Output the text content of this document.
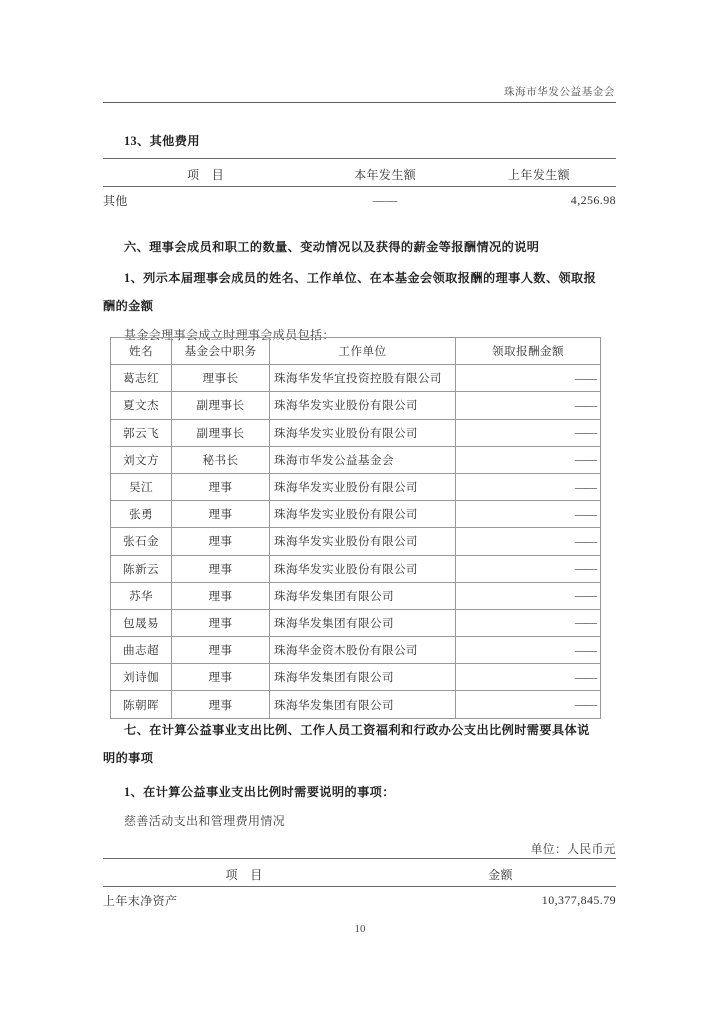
珠海市华发公益基金会
13、其他费用
项　目	本年发生额	上年发生额
其他	——	4,256.98
六、理事会成员和职工的数量、变动情况以及获得的薪金等报酬情况的说明
1、列示本届理事会成员的姓名、工作单位、在本基金会领取报酬的理事人数、领取报
酬的金额
基金会理事会成立时理事会成员包括：
姓名	基金会中职务	工作单位	领取报酬金额
葛志红	理事长	珠海华发华宜投资控股有限公司	——
夏文杰	副理事长	珠海华发实业股份有限公司	——
郭云飞	副理事长	珠海华发实业股份有限公司	——
刘文方	秘书长	珠海市华发公益基金会	——
吴江	理事	珠海华发实业股份有限公司	——
张勇	理事	珠海华发实业股份有限公司	——
张石金	理事	珠海华发实业股份有限公司	——
陈新云	理事	珠海华发实业股份有限公司	——
苏华	理事	珠海华发集团有限公司	——
包晟易	理事	珠海华发集团有限公司	——
曲志超	理事	珠海华金资木股份有限公司	——
刘诗伽	理事	珠海华发集团有限公司	——
陈朝晖	理事	珠海华发集团有限公司	——
七、在计算公益事业支出比例、工作人员工资福利和行政办公支出比例时需要具体说
明的事项
1、在计算公益事业支出比例时需要说明的事项：
慈善活动支出和管理费用情况
单位：人民币元
项　目	金额
上年末净资产	10,377,845.79
10
